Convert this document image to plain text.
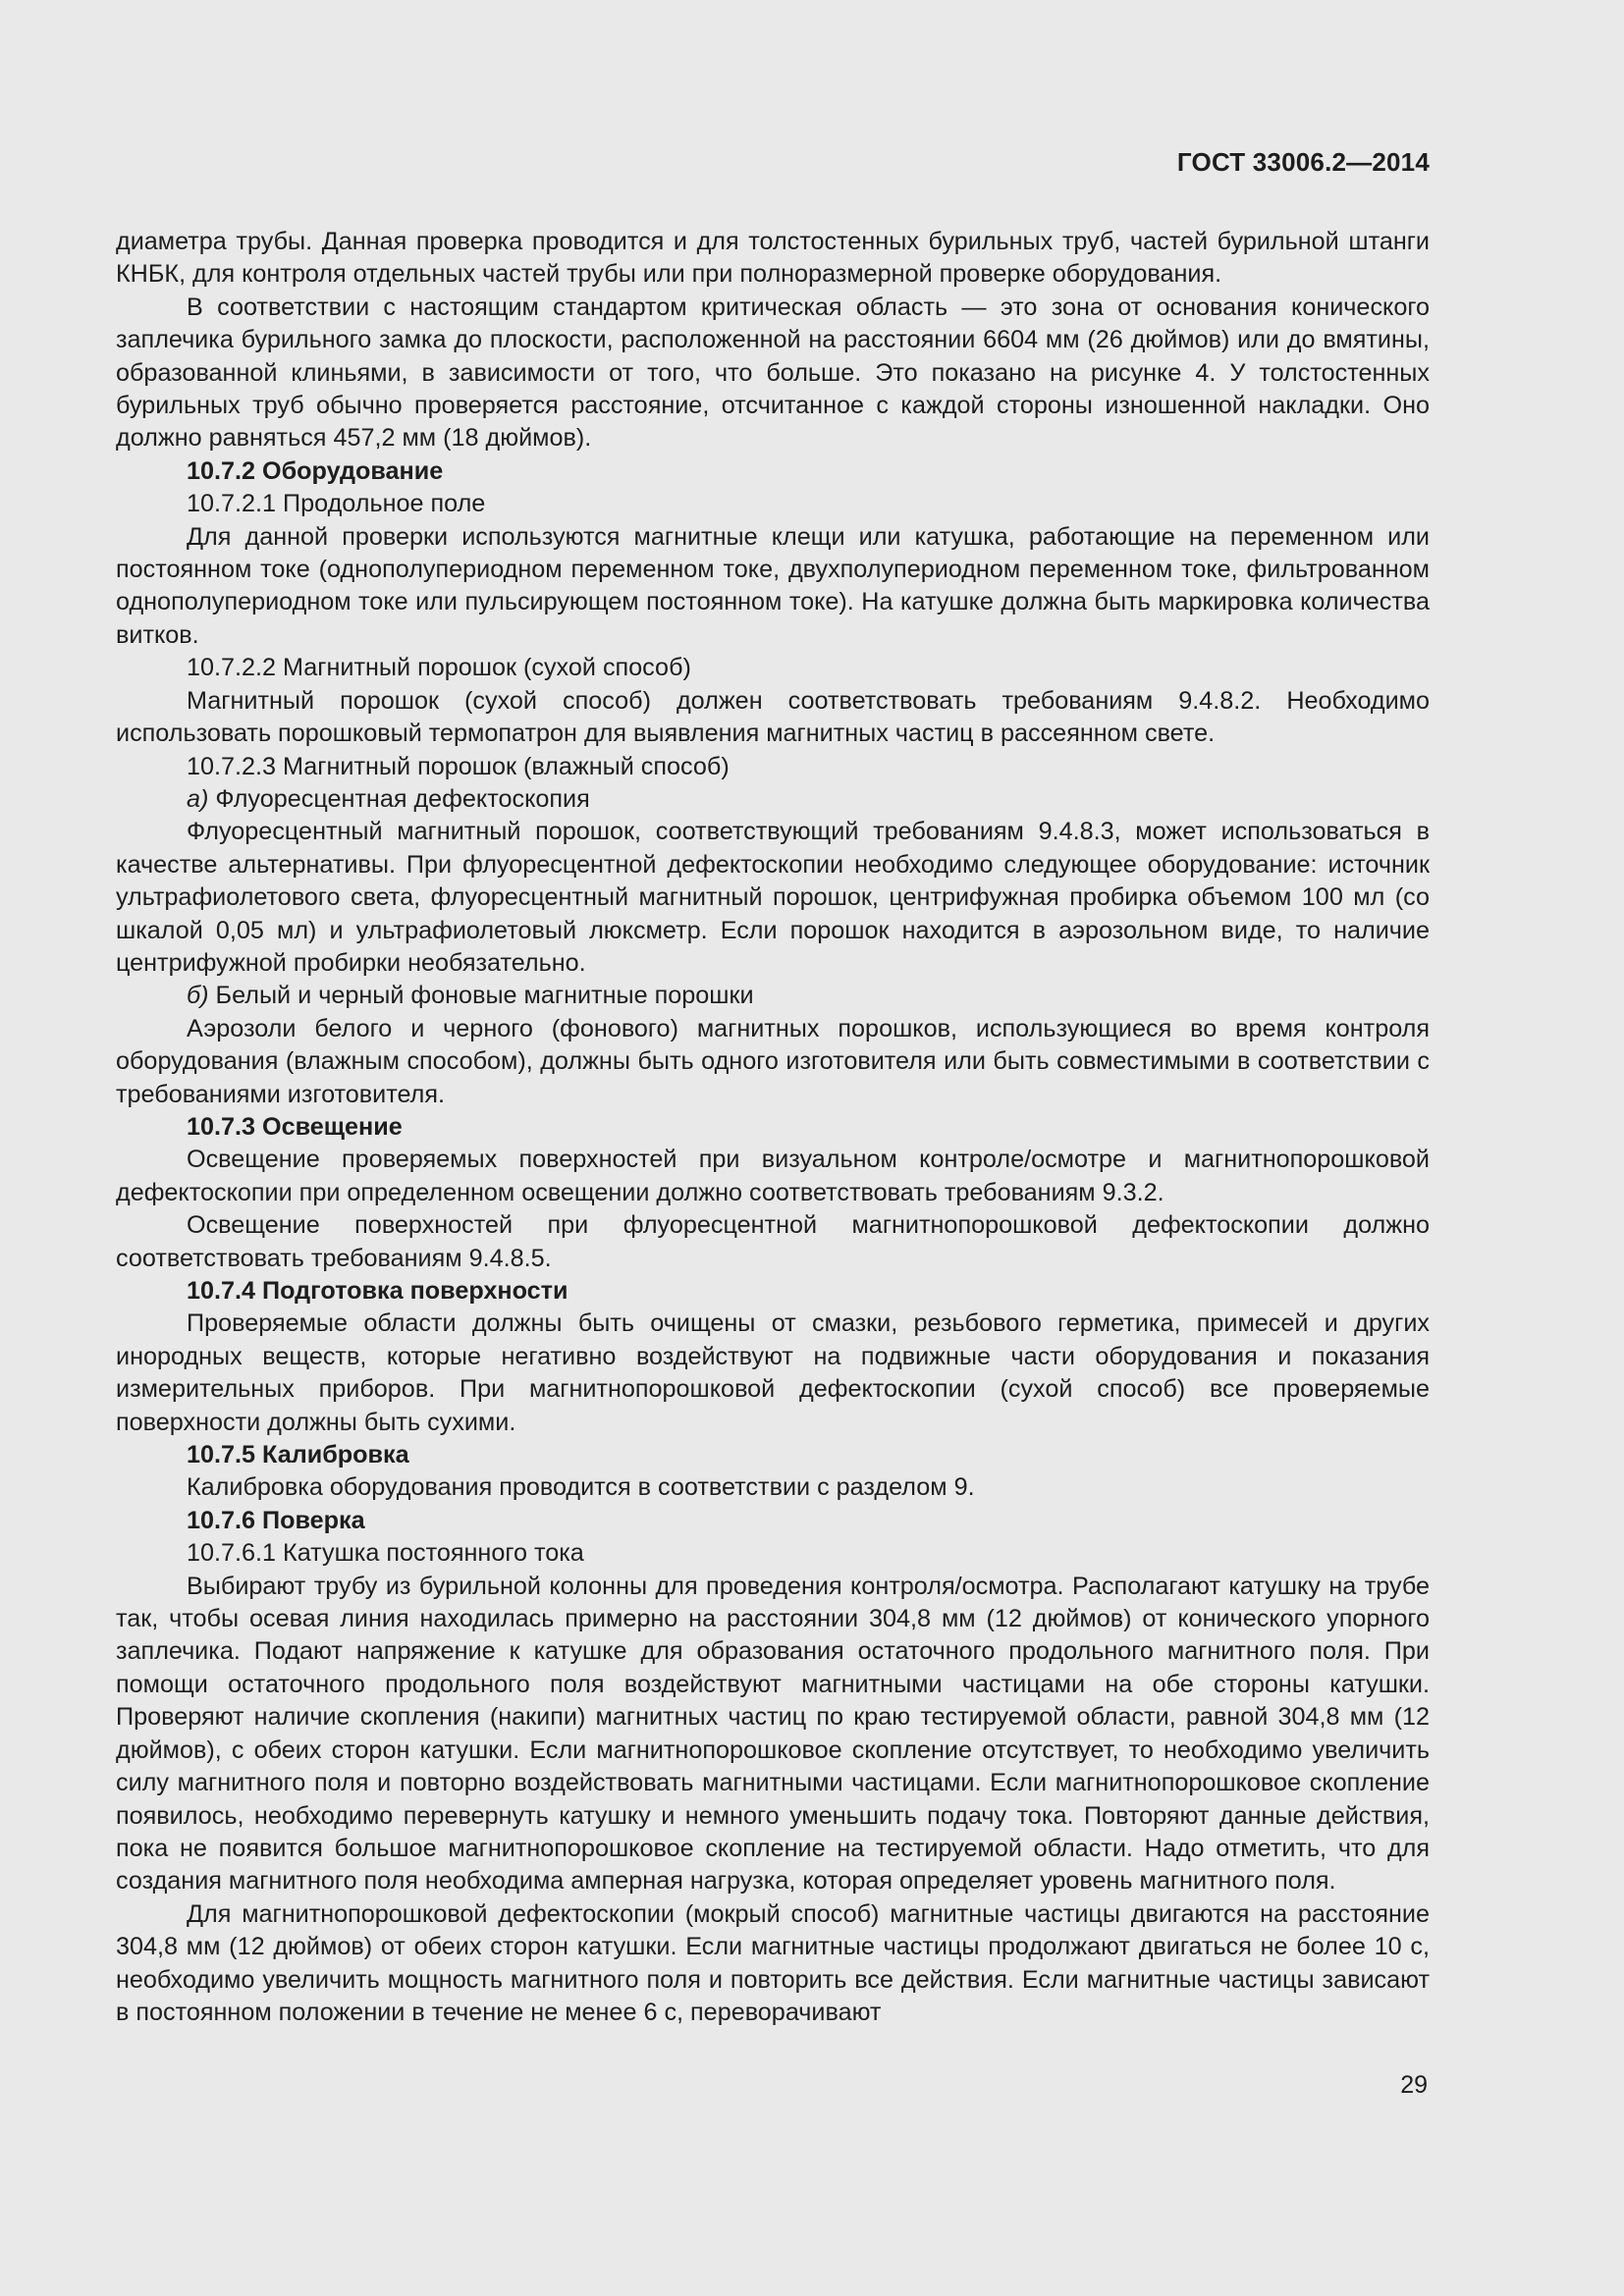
ГОСТ 33006.2—2014

диаметра трубы. Данная проверка проводится и для толстостенных бурильных труб, частей бурильной штанги КНБК, для контроля отдельных частей трубы или при полноразмерной проверке оборудования.

В соответствии с настоящим стандартом критическая область — это зона от основания конического заплечика бурильного замка до плоскости, расположенной на расстоянии 6604 мм (26 дюймов) или до вмятины, образованной клиньями, в зависимости от того, что больше. Это показано на рисунке 4. У толстостенных бурильных труб обычно проверяется расстояние, отсчитанное с каждой стороны изношенной накладки. Оно должно равняться 457,2 мм (18 дюймов).

10.7.2 Оборудование

10.7.2.1 Продольное поле

Для данной проверки используются магнитные клещи или катушка, работающие на переменном или постоянном токе (однополупериодном переменном токе, двухполупериодном переменном токе, фильтрованном однополупериодном токе или пульсирующем постоянном токе). На катушке должна быть маркировка количества витков.

10.7.2.2 Магнитный порошок (сухой способ)

Магнитный порошок (сухой способ) должен соответствовать требованиям 9.4.8.2. Необходимо использовать порошковый термопатрон для выявления магнитных частиц в рассеянном свете.

10.7.2.3 Магнитный порошок (влажный способ)

а) Флуоресцентная дефектоскопия

Флуоресцентный магнитный порошок, соответствующий требованиям 9.4.8.3, может использоваться в качестве альтернативы. При флуоресцентной дефектоскопии необходимо следующее оборудование: источник ультрафиолетового света, флуоресцентный магнитный порошок, центрифужная пробирка объемом 100 мл (со шкалой 0,05 мл) и ультрафиолетовый люксметр. Если порошок находится в аэрозольном виде, то наличие центрифужной пробирки необязательно.

б) Белый и черный фоновые магнитные порошки

Аэрозоли белого и черного (фонового) магнитных порошков, использующиеся во время контроля оборудования (влажным способом), должны быть одного изготовителя или быть совместимыми в соответствии с требованиями изготовителя.

10.7.3 Освещение

Освещение проверяемых поверхностей при визуальном контроле/осмотре и магнитнопорошковой дефектоскопии при определенном освещении должно соответствовать требованиям 9.3.2.

Освещение поверхностей при флуоресцентной магнитнопорошковой дефектоскопии должно соответствовать требованиям 9.4.8.5.

10.7.4 Подготовка поверхности

Проверяемые области должны быть очищены от смазки, резьбового герметика, примесей и других инородных веществ, которые негативно воздействуют на подвижные части оборудования и показания измерительных приборов. При магнитнопорошковой дефектоскопии (сухой способ) все проверяемые поверхности должны быть сухими.

10.7.5 Калибровка

Калибровка оборудования проводится в соответствии с разделом 9.

10.7.6 Поверка

10.7.6.1 Катушка постоянного тока

Выбирают трубу из бурильной колонны для проведения контроля/осмотра. Располагают катушку на трубе так, чтобы осевая линия находилась примерно на расстоянии 304,8 мм (12 дюймов) от конического упорного заплечика. Подают напряжение к катушке для образования остаточного продольного магнитного поля. При помощи остаточного продольного поля воздействуют магнитными частицами на обе стороны катушки. Проверяют наличие скопления (накипи) магнитных частиц по краю тестируемой области, равной 304,8 мм (12 дюймов), с обеих сторон катушки. Если магнитнопорошковое скопление отсутствует, то необходимо увеличить силу магнитного поля и повторно воздействовать магнитными частицами. Если магнитнопорошковое скопление появилось, необходимо перевернуть катушку и немного уменьшить подачу тока. Повторяют данные действия, пока не появится большое магнитнопорошковое скопление на тестируемой области. Надо отметить, что для создания магнитного поля необходима амперная нагрузка, которая определяет уровень магнитного поля.

Для магнитнопорошковой дефектоскопии (мокрый способ) магнитные частицы двигаются на расстояние 304,8 мм (12 дюймов) от обеих сторон катушки. Если магнитные частицы продолжают двигаться не более 10 с, необходимо увеличить мощность магнитного поля и повторить все действия. Если магнитные частицы зависают в постоянном положении в течение не менее 6 с, переворачивают

29
